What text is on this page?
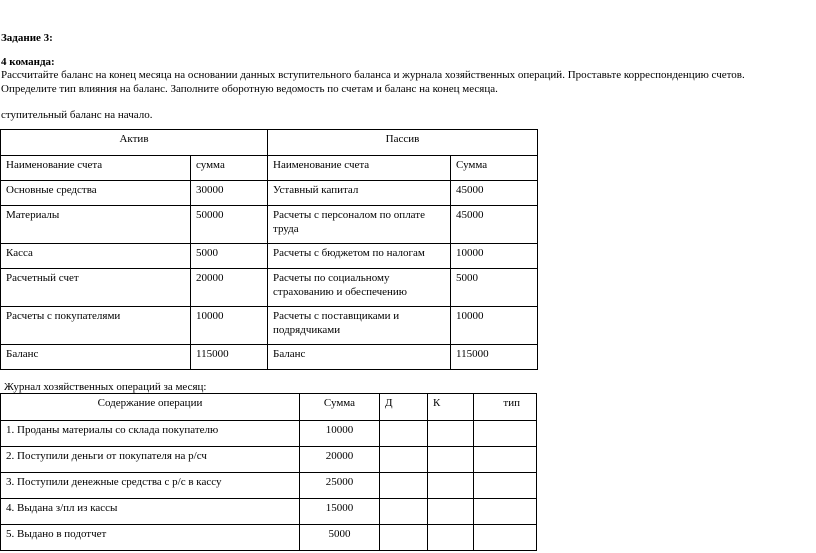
Задание 3:
4 команда:
Рассчитайте баланс на конец месяца на основании данных вступительного баланса и журнала хозяйственных операций. Проставьте корреспонденцию счетов.
Определите тип влияния на баланс. Заполните оборотную ведомость по счетам и баланс на конец месяца.
ступительный баланс на начало.
Актив		Пассив	
Наименование счета	сумма	Наименование счета	Сумма
Основные средства	30000	Уставный капитал	45000
Материалы	50000	Расчеты с персоналом по оплате труда	45000
Касса	5000	Расчеты с бюджетом по налогам	10000
Расчетный счет	20000	Расчеты по социальному страхованию и обеспечению	5000
Расчеты с покупателями	10000	Расчеты с поставщиками и подрядчиками	10000
Баланс	115000	Баланс	115000
Журнал хозяйственных операций за месяц:
Содержание операции	Сумма	Д	К	тип
1. Проданы материалы со склада покупателю	10000			
2. Поступили деньги от покупателя на р/сч	20000			
3. Поступили денежные средства с р/с в кассу	25000			
4. Выдана з/пл из кассы	15000			
5. Выдано в подотчет	5000			
